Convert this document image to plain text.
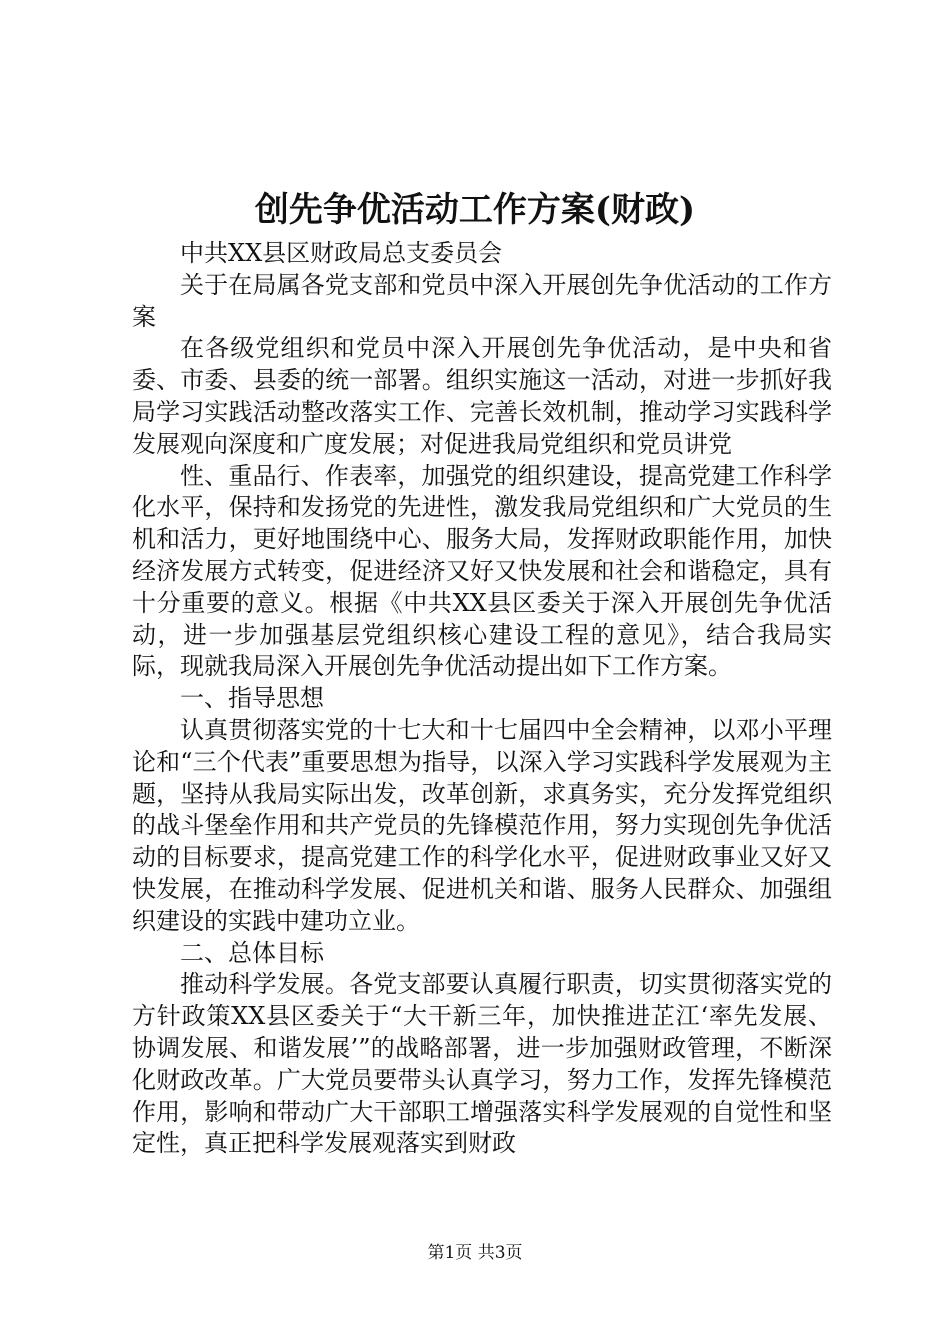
创先争优活动工作方案(财政)

中共XX县区财政局总支委员会

关于在局属各党支部和党员中深入开展创先争优活动的工作方案

在各级党组织和党员中深入开展创先争优活动，是中央和省委、市委、县委的统一部署。组织实施这一活动，对进一步抓好我局学习实践活动整改落实工作、完善长效机制，推动学习实践科学发展观向深度和广度发展；对促进我局党组织和党员讲党

性、重品行、作表率，加强党的组织建设，提高党建工作科学化水平，保持和发扬党的先进性，激发我局党组织和广大党员的生机和活力，更好地围绕中心、服务大局，发挥财政职能作用，加快经济发展方式转变，促进经济又好又快发展和社会和谐稳定，具有十分重要的意义。根据《中共XX县区委关于深入开展创先争优活动，进一步加强基层党组织核心建设工程的意见》，结合我局实际，现就我局深入开展创先争优活动提出如下工作方案。

一、指导思想

认真贯彻落实党的十七大和十七届四中全会精神，以邓小平理论和“三个代表”重要思想为指导，以深入学习实践科学发展观为主题，坚持从我局实际出发，改革创新，求真务实，充分发挥党组织的战斗堡垒作用和共产党员的先锋模范作用，努力实现创先争优活动的目标要求，提高党建工作的科学化水平，促进财政事业又好又快发展，在推动科学发展、促进机关和谐、服务人民群众、加强组织建设的实践中建功立业。

二、总体目标

推动科学发展。各党支部要认真履行职责，切实贯彻落实党的方针政策XX县区委关于“大干新三年，加快推进芷江‘率先发展、协调发展、和谐发展’”的战略部署，进一步加强财政管理，不断深化财政改革。广大党员要带头认真学习，努力工作，发挥先锋模范作用，影响和带动广大干部职工增强落实科学发展观的自觉性和坚定性，真正把科学发展观落实到财政

第1页 共3页
